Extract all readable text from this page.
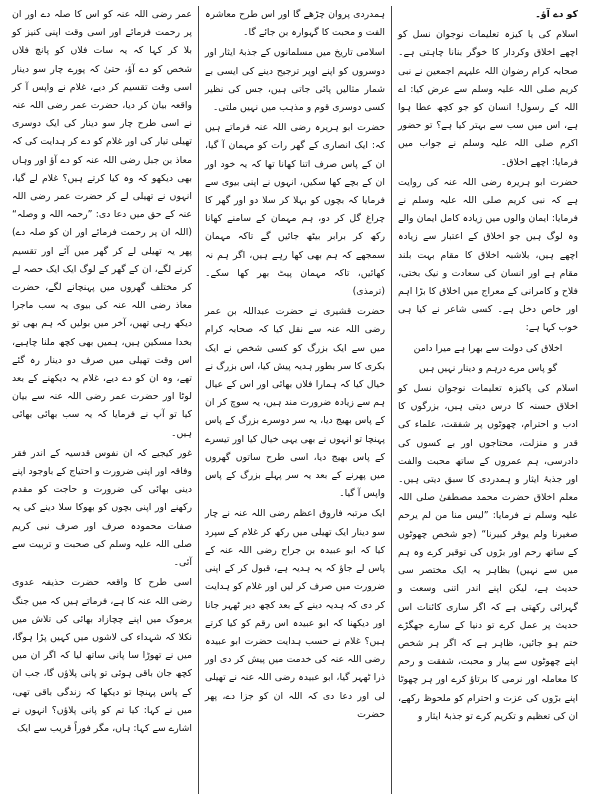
کو دے آؤ۔

اسلام کی یا کیزہ تعلیمات نوجوان نسل کو اچھے اخلاق وکردار کا خوگر بنانا چاہتی ہے۔صحابہ کرام رضوان اللہ علیہم اجمعین نے نبی کریم صلی اللہ علیہ وسلم سے عرض کیا: اے اللہ کے رسول! انسان کو جو کچھ عطا ہوا ہے، اس میں سب سے بہتر کیا ہے؟ تو حضور اکرم صلی اللہ علیہ وسلم نے جواب میں فرمایا: اچھے اخلاق۔

حضرت ابو ہریرہ رضی اللہ عنہ کی روایت ہے کہ نبی کریم صلی اللہ علیہ وسلم نے فرمایا: ایمان والوں میں زیادہ کامل ایمان والے وہ لوگ ہیں جو اخلاق کے اعتبار سے زیادہ اچھے ہیں، بلاشبہ اخلاق کا مقام بہت بلند مقام ہے اور انسان کی سعادت و نیک بختی، فلاح و کامرانی کے معراج میں اخلاق کا بڑا اہم اور خاص دخل ہے۔ کسی شاعر نے کیا ہی خوب کہا ہے:

اخلاق کی دولت سے بھرا ہے میرا دامن

گو پاس مرے درہم و دینار نہیں ہیں

اسلام کی پاکیزہ تعلیمات نوجوان نسل کو اخلاق حسنہ کا درس دیتی ہیں، بزرگوں کا ادب و احترام، چھوٹوں پر شفقت، علماء کی قدر و منزلت، محتاجوں اور بے کسوں کی دادرسی، ہم عمروں کے ساتھ محبت والفت اور جذبۂ ایثار و ہمدردی کا سبق دیتی ہیں۔ معلم اخلاق حضرت محمد مصطفیٰ صلی اللہ علیہ وسلم نے فرمایا: ”لیس منا من لم یرحم صغیرنا ولم یوقر کبیرنا“ (جو شخص چھوٹوں کے ساتھ رحم اور بڑوں کی توقیر کرے وہ ہم میں سے نہیں) بظاہر یہ ایک مختصر سی حدیث ہے، لیکن اپنے اندر اتنی وسعت و گہرائی رکھتی ہے کہ اگر ساری کائنات اس حدیث پر عمل کرے تو دنیا کے سارے جھگڑے ختم ہو جائیں، ظاہر ہے کہ اگر ہر شخص اپنے چھوٹوں سے پیار و محبت، شفقت و رحم کا معاملہ اور نرمی کا برتاؤ کرے اور ہر چھوٹا اپنے بڑوں کی عزت و احترام کو ملحوظ رکھے، ان کی تعظیم و تکریم کرے تو جذبۂ ایثار و

ہمدردی پروان چڑھے گا اور اس طرح معاشرہ الفت و محبت کا گہوارہ بن جائے گا۔

اسلامی تاریخ میں مسلمانوں کے جذبۂ ایثار اور دوسروں کو اپنے اوپر ترجیح دینے کی ایسی بے شمار مثالیں پائی جاتی ہیں، جس کی نظیر کسی دوسری قوم و مذہب میں نہیں ملتی۔

حضرت ابو ہریرہ رضی اللہ عنہ فرماتے ہیں کہ: ایک انصاری کے گھر رات کو مہمان آ گیا، ان کے پاس صرف اتنا کھانا تھا کہ یہ خود اور ان کے بچے کھا سکیں، انہوں نے اپنی بیوی سے فرمایا کہ بچوں کو بہلا کر سلا دو اور گھر کا چراغ گل کر دو، ہم مہمان کے سامنے کھانا رکھ کر برابر بیٹھ جائیں گے تاکہ مہمان سمجھے کہ ہم بھی کھا رہے ہیں، اگر ہم نہ کھائیں، تاکہ مہمان پیٹ بھر کھا سکے۔ (ترمذی)

حضرت قشیری نے حضرت عبداللہ بن عمر رضی اللہ عنہ سے نقل کیا کہ صحابہ کرام میں سے ایک بزرگ کو کسی شخص نے ایک بکری کا سر بطور ہدیہ پیش کیا، اس بزرگ نے خیال کیا کہ ہمارا فلاں بھائی اور اس کے عیال ہم سے زیادہ ضرورت مند ہیں، یہ سوچ کر ان کے پاس بھیج دیا، یہ سر دوسرے بزرگ کے پاس پہنچا تو انہوں نے بھی یہی خیال کیا اور تیسرے کے پاس بھیج دیا، اسی طرح ساتوں گھروں میں پھرنے کے بعد یہ سر پہلے بزرگ کے پاس واپس آ گیا۔

ایک مرتبہ فاروق اعظم رضی اللہ عنہ نے چار سو دینار ایک تھیلی میں رکھ کر غلام کے سپرد کیا کہ ابو عبیدہ بن جراح رضی اللہ عنہ کے پاس لے جاؤ کہ یہ ہدیہ ہے، قبول کر کے اپنی ضرورت میں صرف کر لیں اور غلام کو ہدایت کر دی کہ ہدیہ دینے کے بعد کچھ دیر ٹھہر جانا اور دیکھنا کہ ابو عبیدہ اس رقم کو کیا کرتے ہیں؟ غلام نے حسب ہدایت حضرت ابو عبیدہ رضی اللہ عنہ کی خدمت میں پیش کر دی اور ذرا ٹھہر گیا، ابو عبیدہ رضی اللہ عنہ نے تھیلی لی اور دعا دی کہ اللہ ان کو جزا دے، پھر حضرت

عمر رضی اللہ عنہ کو اس کا صلہ دے اور ان پر رحمت فرمائے اور اسی وقت اپنی کنیز کو بلا کر کہا کہ یہ سات فلاں کو پانچ فلاں شخص کو دے آؤ، حتیٰ کہ پورے چار سو دینار اسی وقت تقسیم کر دیے، غلام نے واپس آ کر واقعہ بیان کر دیا، حضرت عمر رضی اللہ عنہ نے اسی طرح چار سو دینار کی ایک دوسری تھیلی تیار کی اور غلام کو دے کر ہدایت کی کہ معاذ بن جبل رضی اللہ عنہ کو دے آؤ اور وہاں بھی دیکھو کہ وہ کیا کرتے ہیں؟ غلام لے گیا، انہوں نے تھیلی لے کر حضرت عمر رضی اللہ عنہ کے حق میں دعا دی: ”رحمہ اللہ و وصلہ“ (اللہ ان پر رحمت فرمائے اور ان کو صلہ دے) پھر یہ تھیلی لے کر گھر میں آئے اور تقسیم کرنے لگے، ان کے گھر کے لوگ ایک ایک حصہ لے کر مختلف گھروں میں پہنچانے لگے، حضرت معاذ رضی اللہ عنہ کی بیوی یہ سب ماجرا دیکھ رہی تھیں، آخر میں بولیں کہ ہم بھی تو بخدا مسکین ہیں، ہمیں بھی کچھ ملنا چاہیے، اس وقت تھیلی میں صرف دو دینار رہ گئے تھے، وہ ان کو دے دیے، غلام یہ دیکھنے کے بعد لوٹا اور حضرت عمر رضی اللہ عنہ سے بیان کیا تو آپ نے فرمایا کہ یہ سب بھائی بھائی ہیں۔

غور کیجیے کہ ان نفوس قدسیہ کے اندر فقر وفاقہ اور اپنی ضرورت و احتیاج کے باوجود اپنے دینی بھائی کی ضرورت و حاجت کو مقدم رکھنے اور اپنی بچوں کو بھوکا سلا دینے کی یہ صفات محمودہ صرف اور صرف نبی کریم صلی اللہ علیہ وسلم کی صحبت و تربیت سے آئی۔

اسی طرح کا واقعہ حضرت حذیفہ عدوی رضی اللہ عنہ کا ہے، فرماتے ہیں کہ میں جنگ یرموک میں اپنے چچازاد بھائی کی تلاش میں نکلا کہ شہداء کی لاشوں میں کہیں پڑا ہوگا، میں نے تھوڑا سا پانی ساتھ لیا کہ اگر ان میں کچھ جان باقی ہوئی تو پانی پلاؤں گا، جب ان کے پاس پہنچا تو دیکھا کہ زندگی باقی تھی، میں نے کہا: کیا تم کو پانی پلاؤں؟ انہوں نے اشارے سے کہا: ہاں، مگر فوراً قریب سے ایک
